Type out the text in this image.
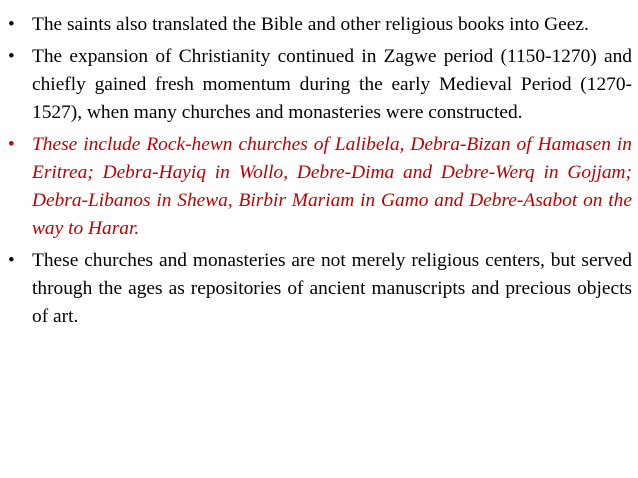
• The saints also translated the Bible and other religious books into Geez.
• The expansion of Christianity continued in Zagwe period (1150-1270) and chiefly gained fresh momentum during the early Medieval Period (1270-1527), when many churches and monasteries were constructed.
• These include Rock-hewn churches of Lalibela, Debra-Bizan of Hamasen in Eritrea; Debra-Hayiq in Wollo, Debre-Dima and Debre-Werq in Gojjam; Debra-Libanos in Shewa, Birbir Mariam in Gamo and Debre-Asabot on the way to Harar.
• These churches and monasteries are not merely religious centers, but served through the ages as repositories of ancient manuscripts and precious objects of art.
